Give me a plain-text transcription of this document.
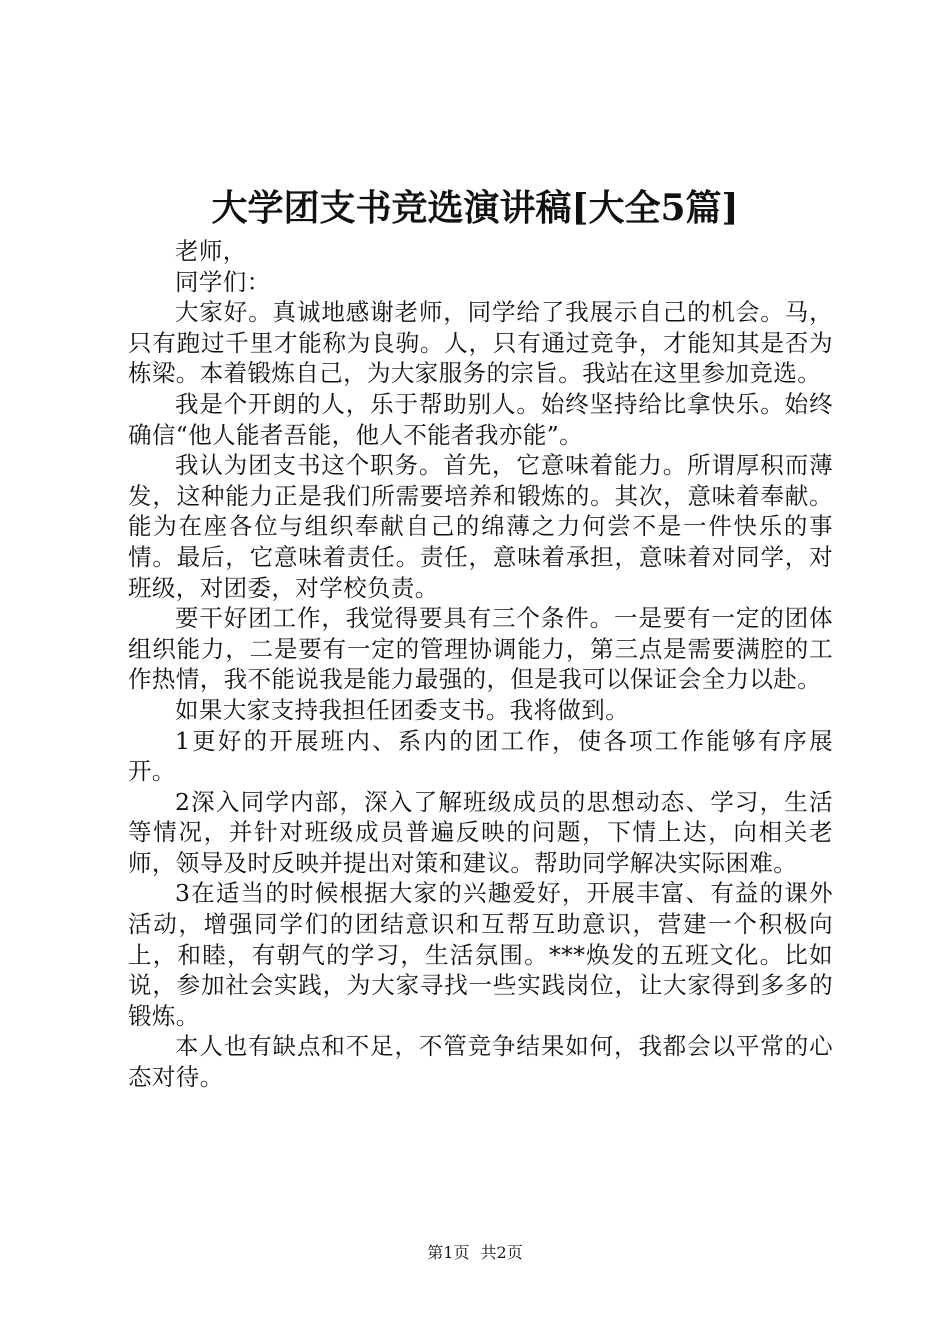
大学团支书竞选演讲稿[大全5篇]

老师，

同学们：

大家好。真诚地感谢老师，同学给了我展示自己的机会。马，只有跑过千里才能称为良驹。人，只有通过竞争，才能知其是否为栋梁。本着锻炼自己，为大家服务的宗旨。我站在这里参加竞选。

我是个开朗的人，乐于帮助别人。始终坚持给比拿快乐。始终确信“他人能者吾能，他人不能者我亦能”。

我认为团支书这个职务。首先，它意味着能力。所谓厚积而薄发，这种能力正是我们所需要培养和锻炼的。其次，意味着奉献。能为在座各位与组织奉献自己的绵薄之力何尝不是一件快乐的事情。最后，它意味着责任。责任，意味着承担，意味着对同学，对班级，对团委，对学校负责。

要干好团工作，我觉得要具有三个条件。一是要有一定的团体组织能力，二是要有一定的管理协调能力，第三点是需要满腔的工作热情，我不能说我是能力最强的，但是我可以保证会全力以赴。

如果大家支持我担任团委支书。我将做到。

1更好的开展班内、系内的团工作，使各项工作能够有序展开。

2深入同学内部，深入了解班级成员的思想动态、学习，生活等情况，并针对班级成员普遍反映的问题，下情上达，向相关老师，领导及时反映并提出对策和建议。帮助同学解决实际困难。

3在适当的时候根据大家的兴趣爱好，开展丰富、有益的课外活动，增强同学们的团结意识和互帮互助意识，营建一个积极向上，和睦，有朝气的学习，生活氛围。***焕发的五班文化。比如说，参加社会实践，为大家寻找一些实践岗位，让大家得到多多的锻炼。

本人也有缺点和不足，不管竞争结果如何，我都会以平常的心态对待。

第1页 共2页
